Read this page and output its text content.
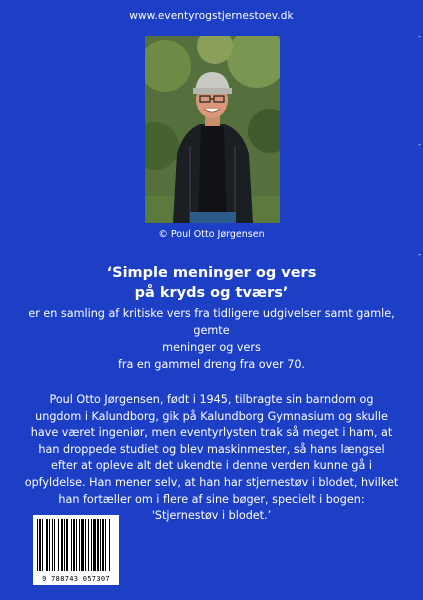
www.eventyrogstjernestoev.dk
© Poul Otto Jørgensen
‘Simple meninger og vers
på kryds og tværs’
er en samling af kritiske vers fra tidligere udgivelser samt gamle,
gemte
meninger og vers
fra en gammel dreng fra over 70.
Poul Otto Jørgensen, født i 1945, tilbragte sin barndom og
ungdom i Kalundborg, gik på Kalundborg Gymnasium og skulle
have været ingeniør, men eventyrlysten trak så meget i ham, at
han droppede studiet og blev maskinmester, så hans længsel
efter at opleve alt det ukendte i denne verden kunne gå i
opfyldelse. Han mener selv, at han har stjernestøv i blodet, hvilket
han fortæller om i flere af sine bøger, specielt i bogen:
'Stjernestøv i blodet.’
9 788743 057307
-
-
-
